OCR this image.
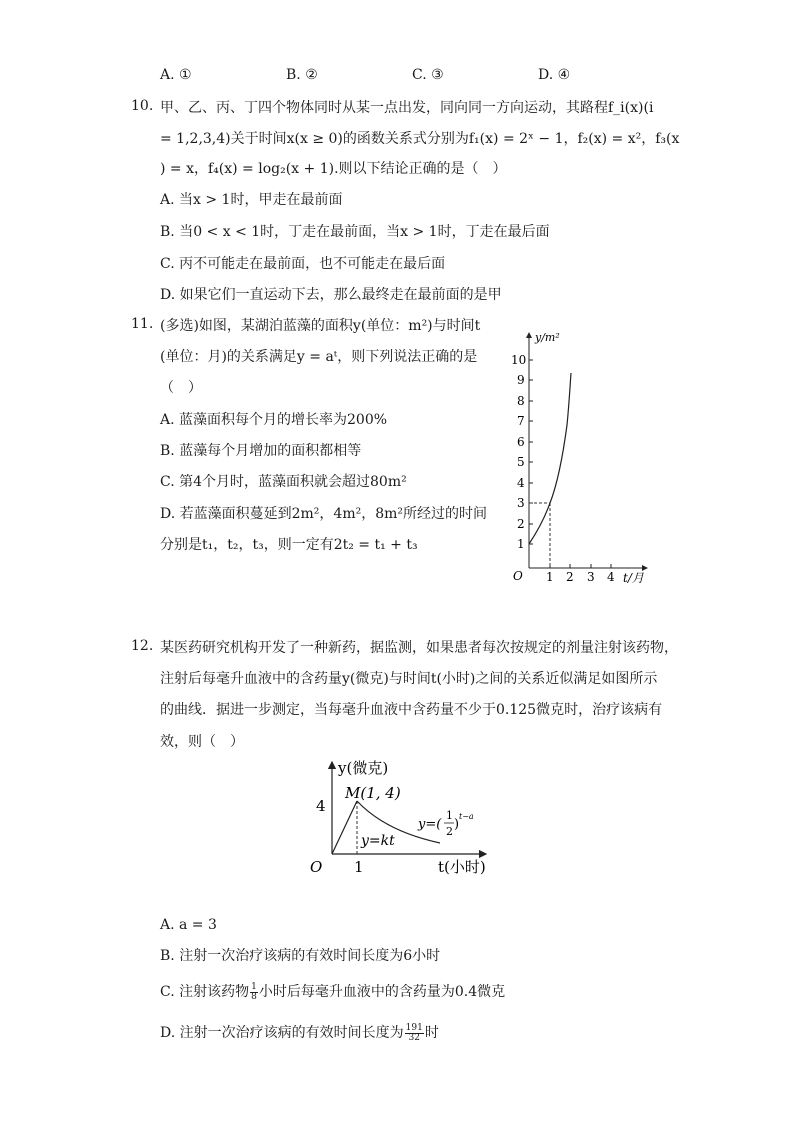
A. ①	B. ②	C. ③	D. ④
10. 甲、乙、丙、丁四个物体同时从某一点出发，同向同一方向运动，其路程f_i(x)(i
= 1,2,3,4)关于时间x(x ≥ 0)的函数关系式分别为f₁(x) = 2ˣ − 1，f₂(x) = x²，f₃(x
) = x，f₄(x) = log₂(x + 1).则以下结论正确的是（　）
A. 当x > 1时，甲走在最前面
B. 当0 < x < 1时，丁走在最前面，当x > 1时，丁走在最后面
C. 丙不可能走在最前面，也不可能走在最后面
D. 如果它们一直运动下去，那么最终走在最前面的是甲
11. (多选)如图，某湖泊蓝藻的面积y(单位：m²)与时间t
(单位：月)的关系满足y = aᵗ，则下列说法正确的是
（　）
A. 蓝藻面积每个月的增长率为200%
B. 蓝藻每个月增加的面积都相等
C. 第4个月时，蓝藻面积就会超过80m²
D. 若蓝藻面积蔓延到2m²，4m²，8m²所经过的时间
分别是t₁，t₂，t₃，则一定有2t₂ = t₁ + t₃
y/m²
t/月
O
1
2
3
4
5
6
7
8
9
10
1 2 3 4
12. 某医药研究机构开发了一种新药，据监测，如果患者每次按规定的剂量注射该药物，
注射后每毫升血液中的含药量y(微克)与时间t(小时)之间的关系近似满足如图所示
的曲线．据进一步测定，当每毫升血液中含药量不少于0.125微克时，治疗该病有
效，则（　）
y(微克)
t(小时)
O
4
1
M(1, 4)
y=kt
y=(
1
2 )
t−a
A. a = 3
B. 注射一次治疗该病的有效时间长度为6小时
C. 注射该药物 $\frac{1}{8}$ 小时后每毫升血液中的含药量为0.4微克
D. 注射一次治疗该病的有效时间长度为 $\frac{191}{32}$ 时
